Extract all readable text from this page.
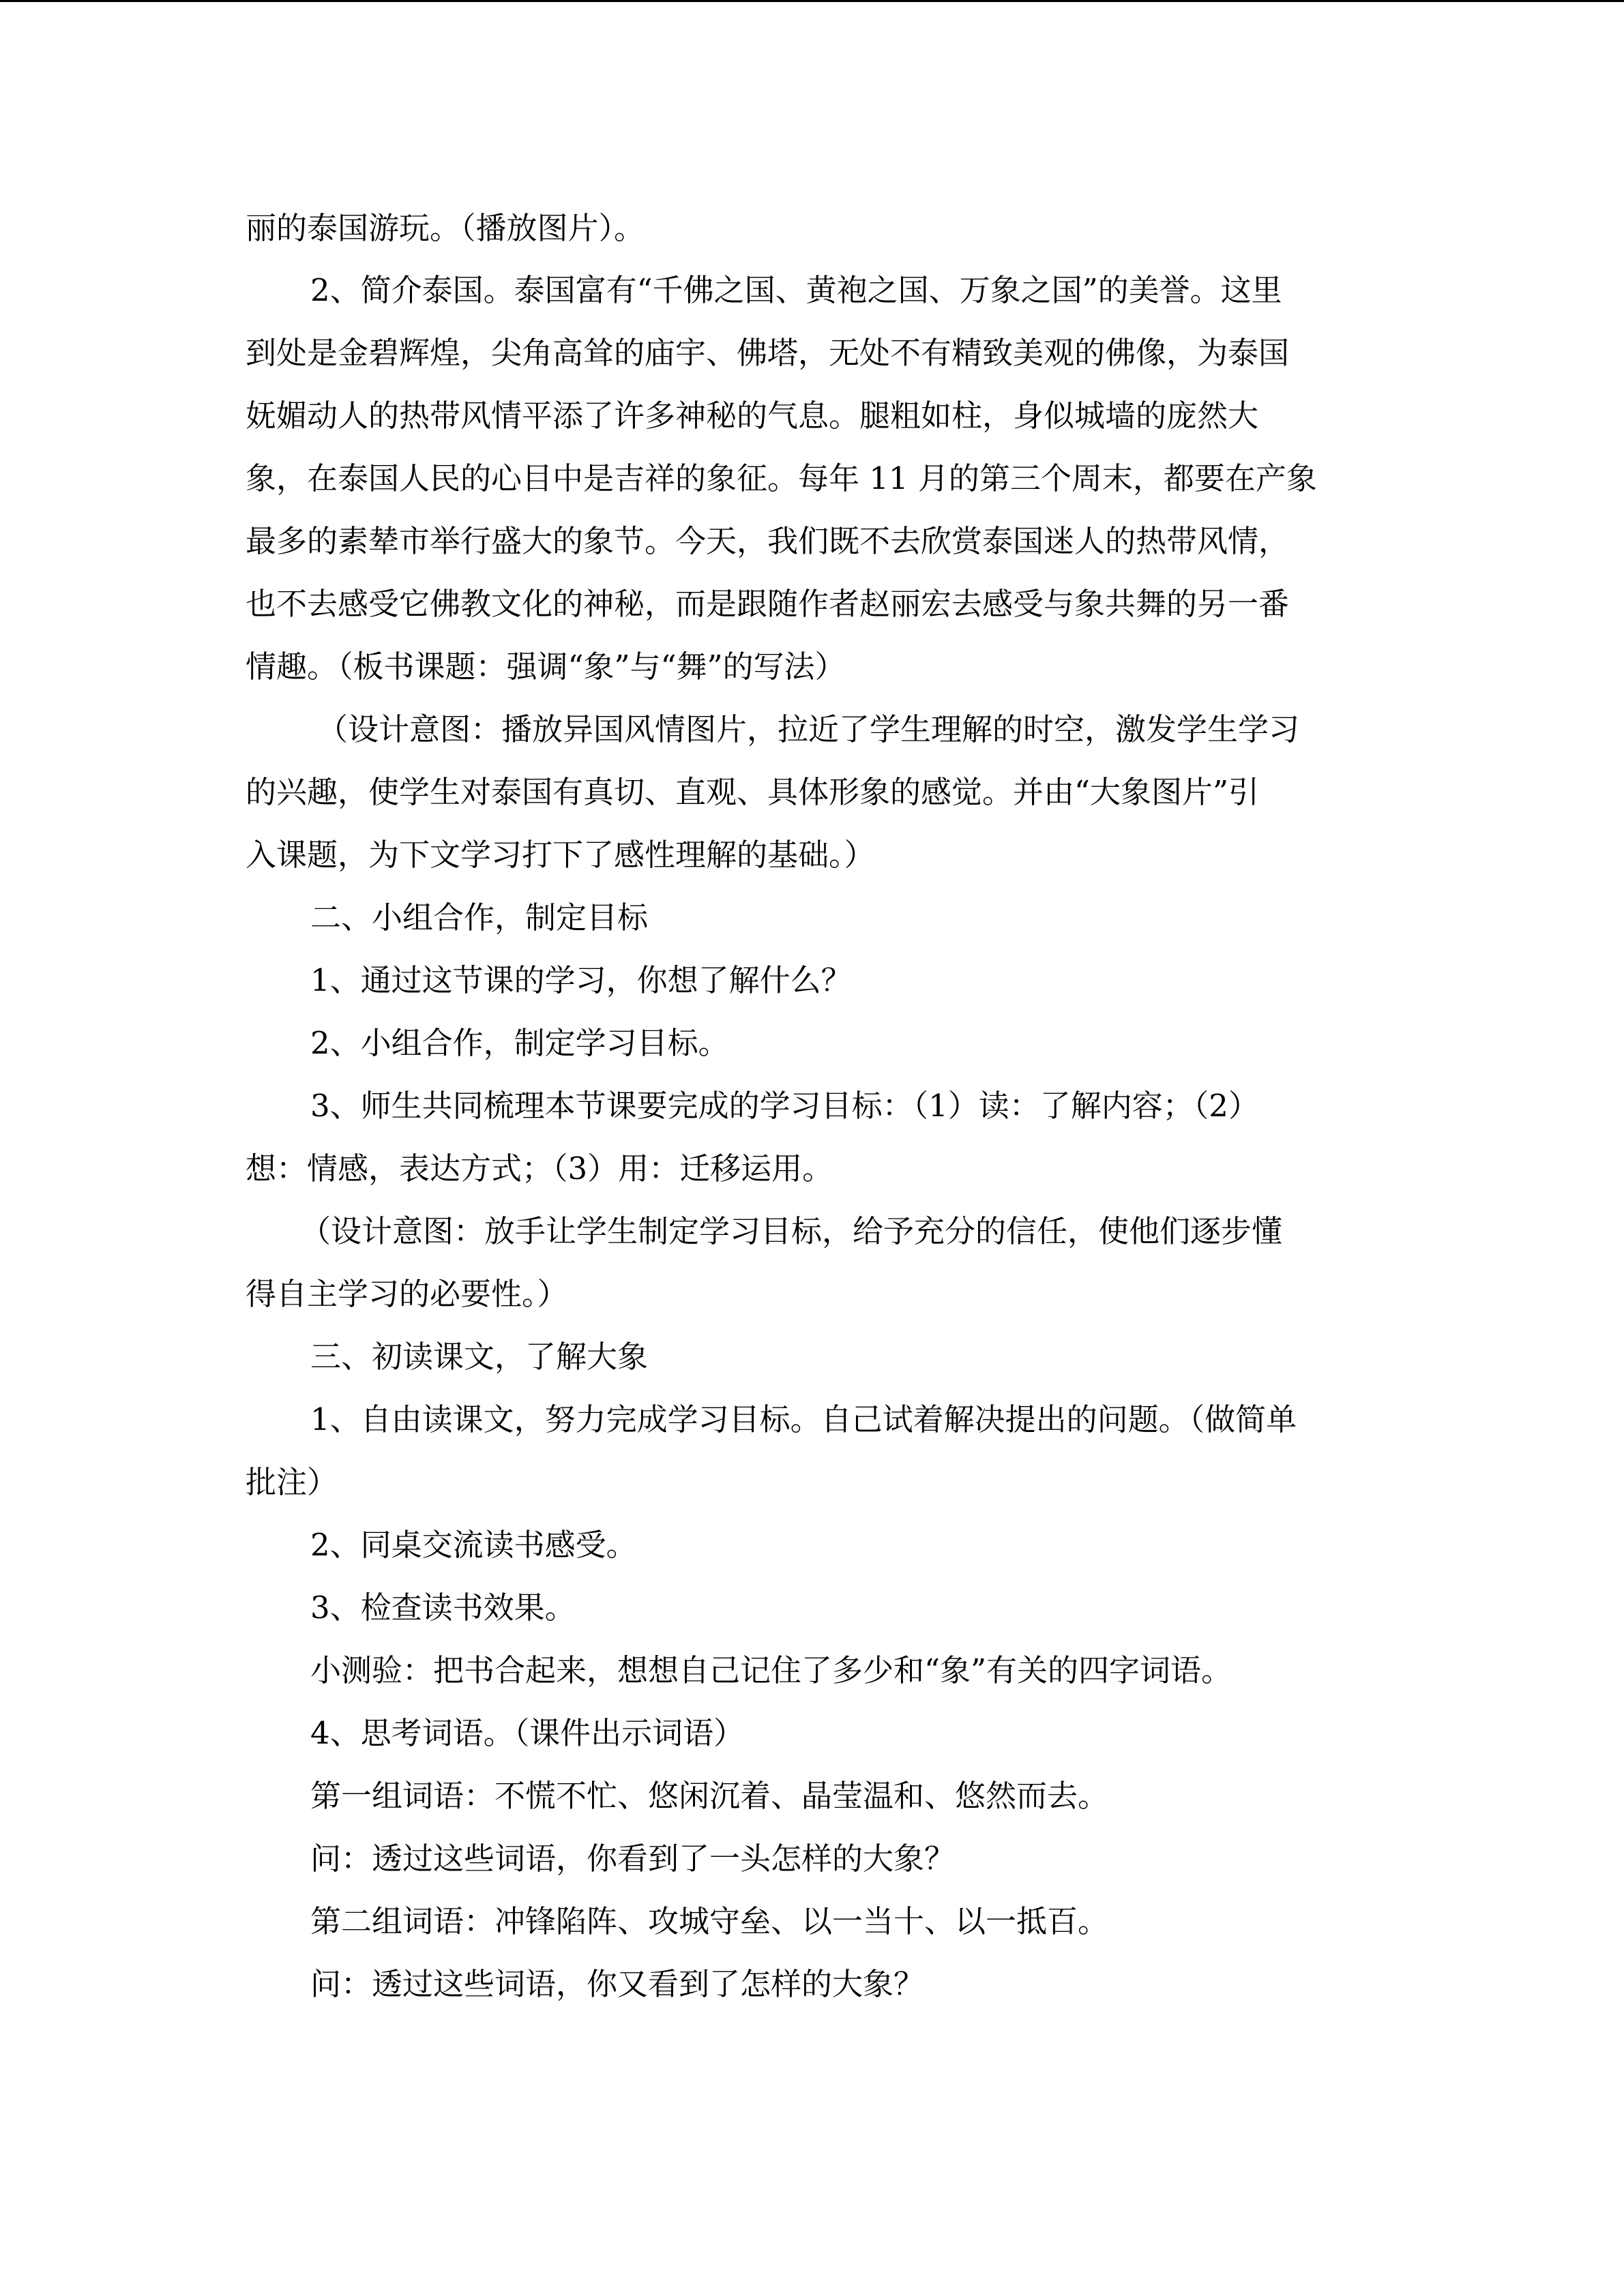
丽的泰国游玩。（播放图片）。
2、简介泰国。泰国富有“千佛之国、黄袍之国、万象之国”的美誉。这里
到处是金碧辉煌，尖角高耸的庙宇、佛塔，无处不有精致美观的佛像，为泰国
妩媚动人的热带风情平添了许多神秘的气息。腿粗如柱，身似城墙的庞然大
象，在泰国人民的心目中是吉祥的象征。每年 11 月的第三个周末，都要在产象
最多的素辇市举行盛大的象节。今天，我们既不去欣赏泰国迷人的热带风情，
也不去感受它佛教文化的神秘，而是跟随作者赵丽宏去感受与象共舞的另一番
情趣。（板书课题：强调“象”与“舞”的写法）
（设计意图：播放异国风情图片，拉近了学生理解的时空，激发学生学习
的兴趣，使学生对泰国有真切、直观、具体形象的感觉。并由“大象图片”引
入课题，为下文学习打下了感性理解的基础。）
二、小组合作，制定目标
1、通过这节课的学习，你想了解什么？
2、小组合作，制定学习目标。
3、师生共同梳理本节课要完成的学习目标：（1）读：了解内容；（2）
想：情感，表达方式；（3）用：迁移运用。
（设计意图：放手让学生制定学习目标，给予充分的信任，使他们逐步懂
得自主学习的必要性。）
三、初读课文，了解大象
1、自由读课文，努力完成学习目标。自己试着解决提出的问题。（做简单
批注）
2、同桌交流读书感受。
3、检查读书效果。
小测验：把书合起来，想想自己记住了多少和“象”有关的四字词语。
4、思考词语。（课件出示词语）
第一组词语：不慌不忙、悠闲沉着、晶莹温和、悠然而去。
问：透过这些词语，你看到了一头怎样的大象？
第二组词语：冲锋陷阵、攻城守垒、以一当十、以一抵百。
问：透过这些词语，你又看到了怎样的大象？
